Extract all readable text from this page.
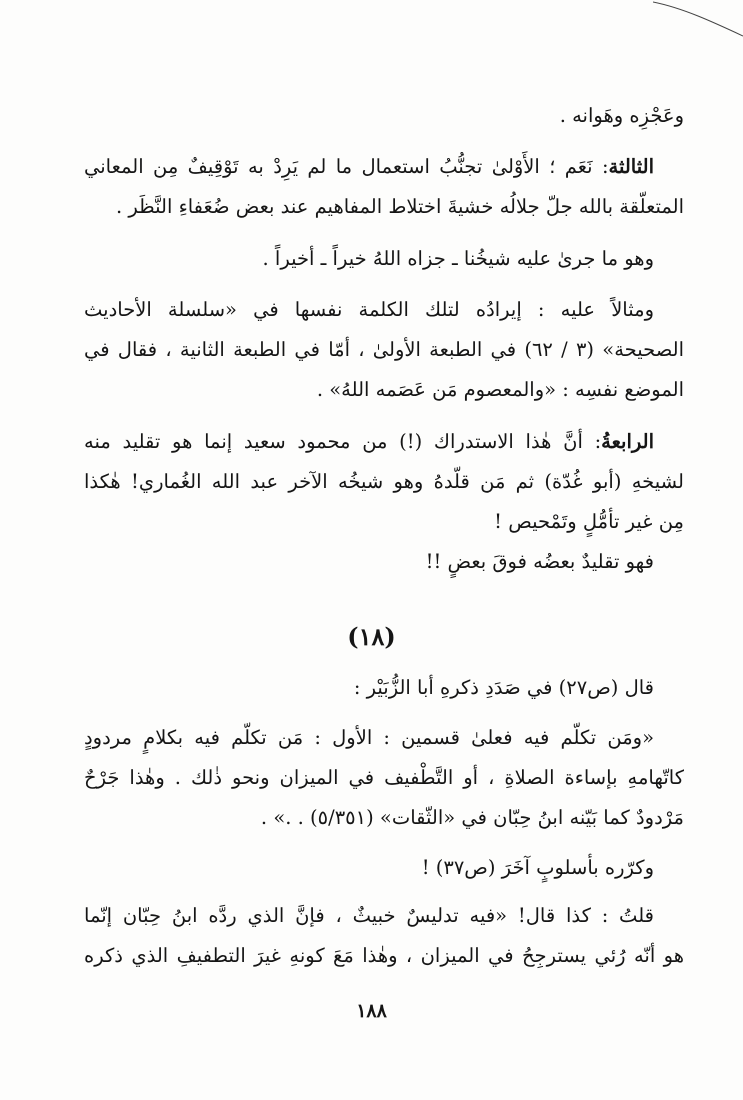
وعَجْزِه وهَوانه .
الثالثة: نَعَم ؛ الأَوْلىٰ تجنُّبُ استعمال ما لم يَرِدْ به تَوْقِيفٌ مِن المعاني
المتعلّقة بالله جلّ جلالُه خشيةَ اختلاط المفاهيم عند بعض ضُعَفاءِ النَّظَر .
وهو ما جرىٰ عليه شيخُنا ـ جزاه اللهُ خيراً ـ أخيراً .
ومثالاً عليه : إيرادُه لتلك الكلمة نفسها في «سلسلة الأحاديث
الصحيحة» (٣ / ٦٢) في الطبعة الأولىٰ ، أمّا في الطبعة الثانية ، فقال في
الموضع نفسِه : «والمعصوم مَن عَصَمه اللهُ» .
الرابعةُ: أنَّ هٰذا الاستدراك (!) من محمود سعيد إنما هو تقليد منه
لشيخهِ (أبو غُدّة) ثم مَن قلّدهُ وهو شيخُه الآخر عبد الله الغُماري! هٰكذا
مِن غير تأمُّلٍ وتَمْحيص !
فهو تقليدٌ بعضُه فوقَ بعضٍ !!
(١٨)
قال (ص٢٧) في صَدَدِ ذكرهِ أبا الزُّبَيْر :
«ومَن تكلّم فيه فعلىٰ قسمين : الأول : مَن تكلّم فيه بكلامٍ مردودٍ
كاتّهامهِ بإساءة الصلاةِ ، أو التَّطْفيف في الميزان ونحو ذٰلك . وهٰذا جَرْحٌ
مَرْدودٌ كما بَيّنه ابنُ حِبّان في «الثّقات» (٥/٣٥١) . .» .
وكرّره بأسلوبٍ آخَرَ (ص٣٧) !
قلتُ : كذا قال! «فيه تدليسٌ خبيثٌ ، فإنَّ الذي ردَّه ابنُ حِبّان إنّما
هو أنّه رُئي يسترجِحُ في الميزان ، وهٰذا مَعَ كونهِ غيرَ التطفيفِ الذي ذكره
١٨٨
